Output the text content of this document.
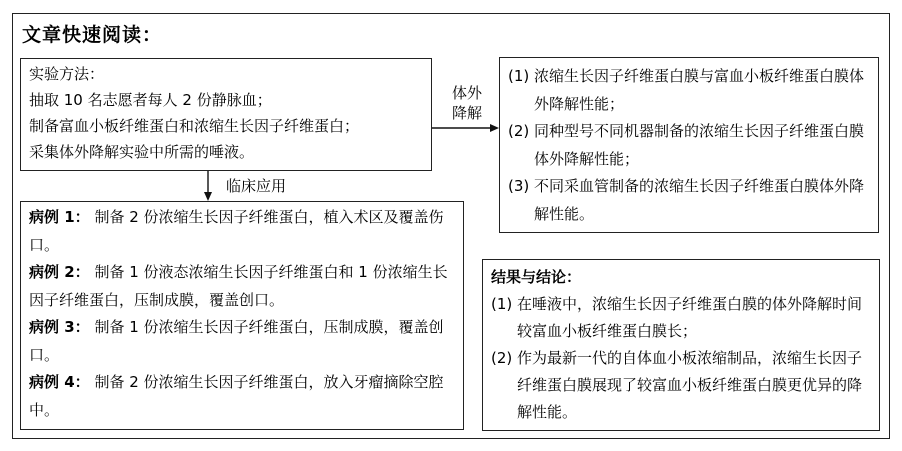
文章快速阅读：
实验方法：
抽取 10 名志愿者每人 2 份静脉血；
制备富血小板纤维蛋白和浓缩生长因子纤维蛋白；
采集体外降解实验中所需的唾液。
体外
降解
临床应用
(1) 浓缩生长因子纤维蛋白膜与富血小板纤维蛋白膜体外降解性能；
(2) 同种型号不同机器制备的浓缩生长因子纤维蛋白膜体外降解性能；
(3) 不同采血管制备的浓缩生长因子纤维蛋白膜体外降解性能。
病例 1： 制备 2 份浓缩生长因子纤维蛋白，植入术区及覆盖伤口。
病例 2： 制备 1 份液态浓缩生长因子纤维蛋白和 1 份浓缩生长因子纤维蛋白，压制成膜，覆盖创口。
病例 3： 制备 1 份浓缩生长因子纤维蛋白，压制成膜，覆盖创口。
病例 4： 制备 2 份浓缩生长因子纤维蛋白，放入牙瘤摘除空腔中。
结果与结论：
(1) 在唾液中，浓缩生长因子纤维蛋白膜的体外降解时间较富血小板纤维蛋白膜长；
(2) 作为最新一代的自体血小板浓缩制品，浓缩生长因子纤维蛋白膜展现了较富血小板纤维蛋白膜更优异的降解性能。
